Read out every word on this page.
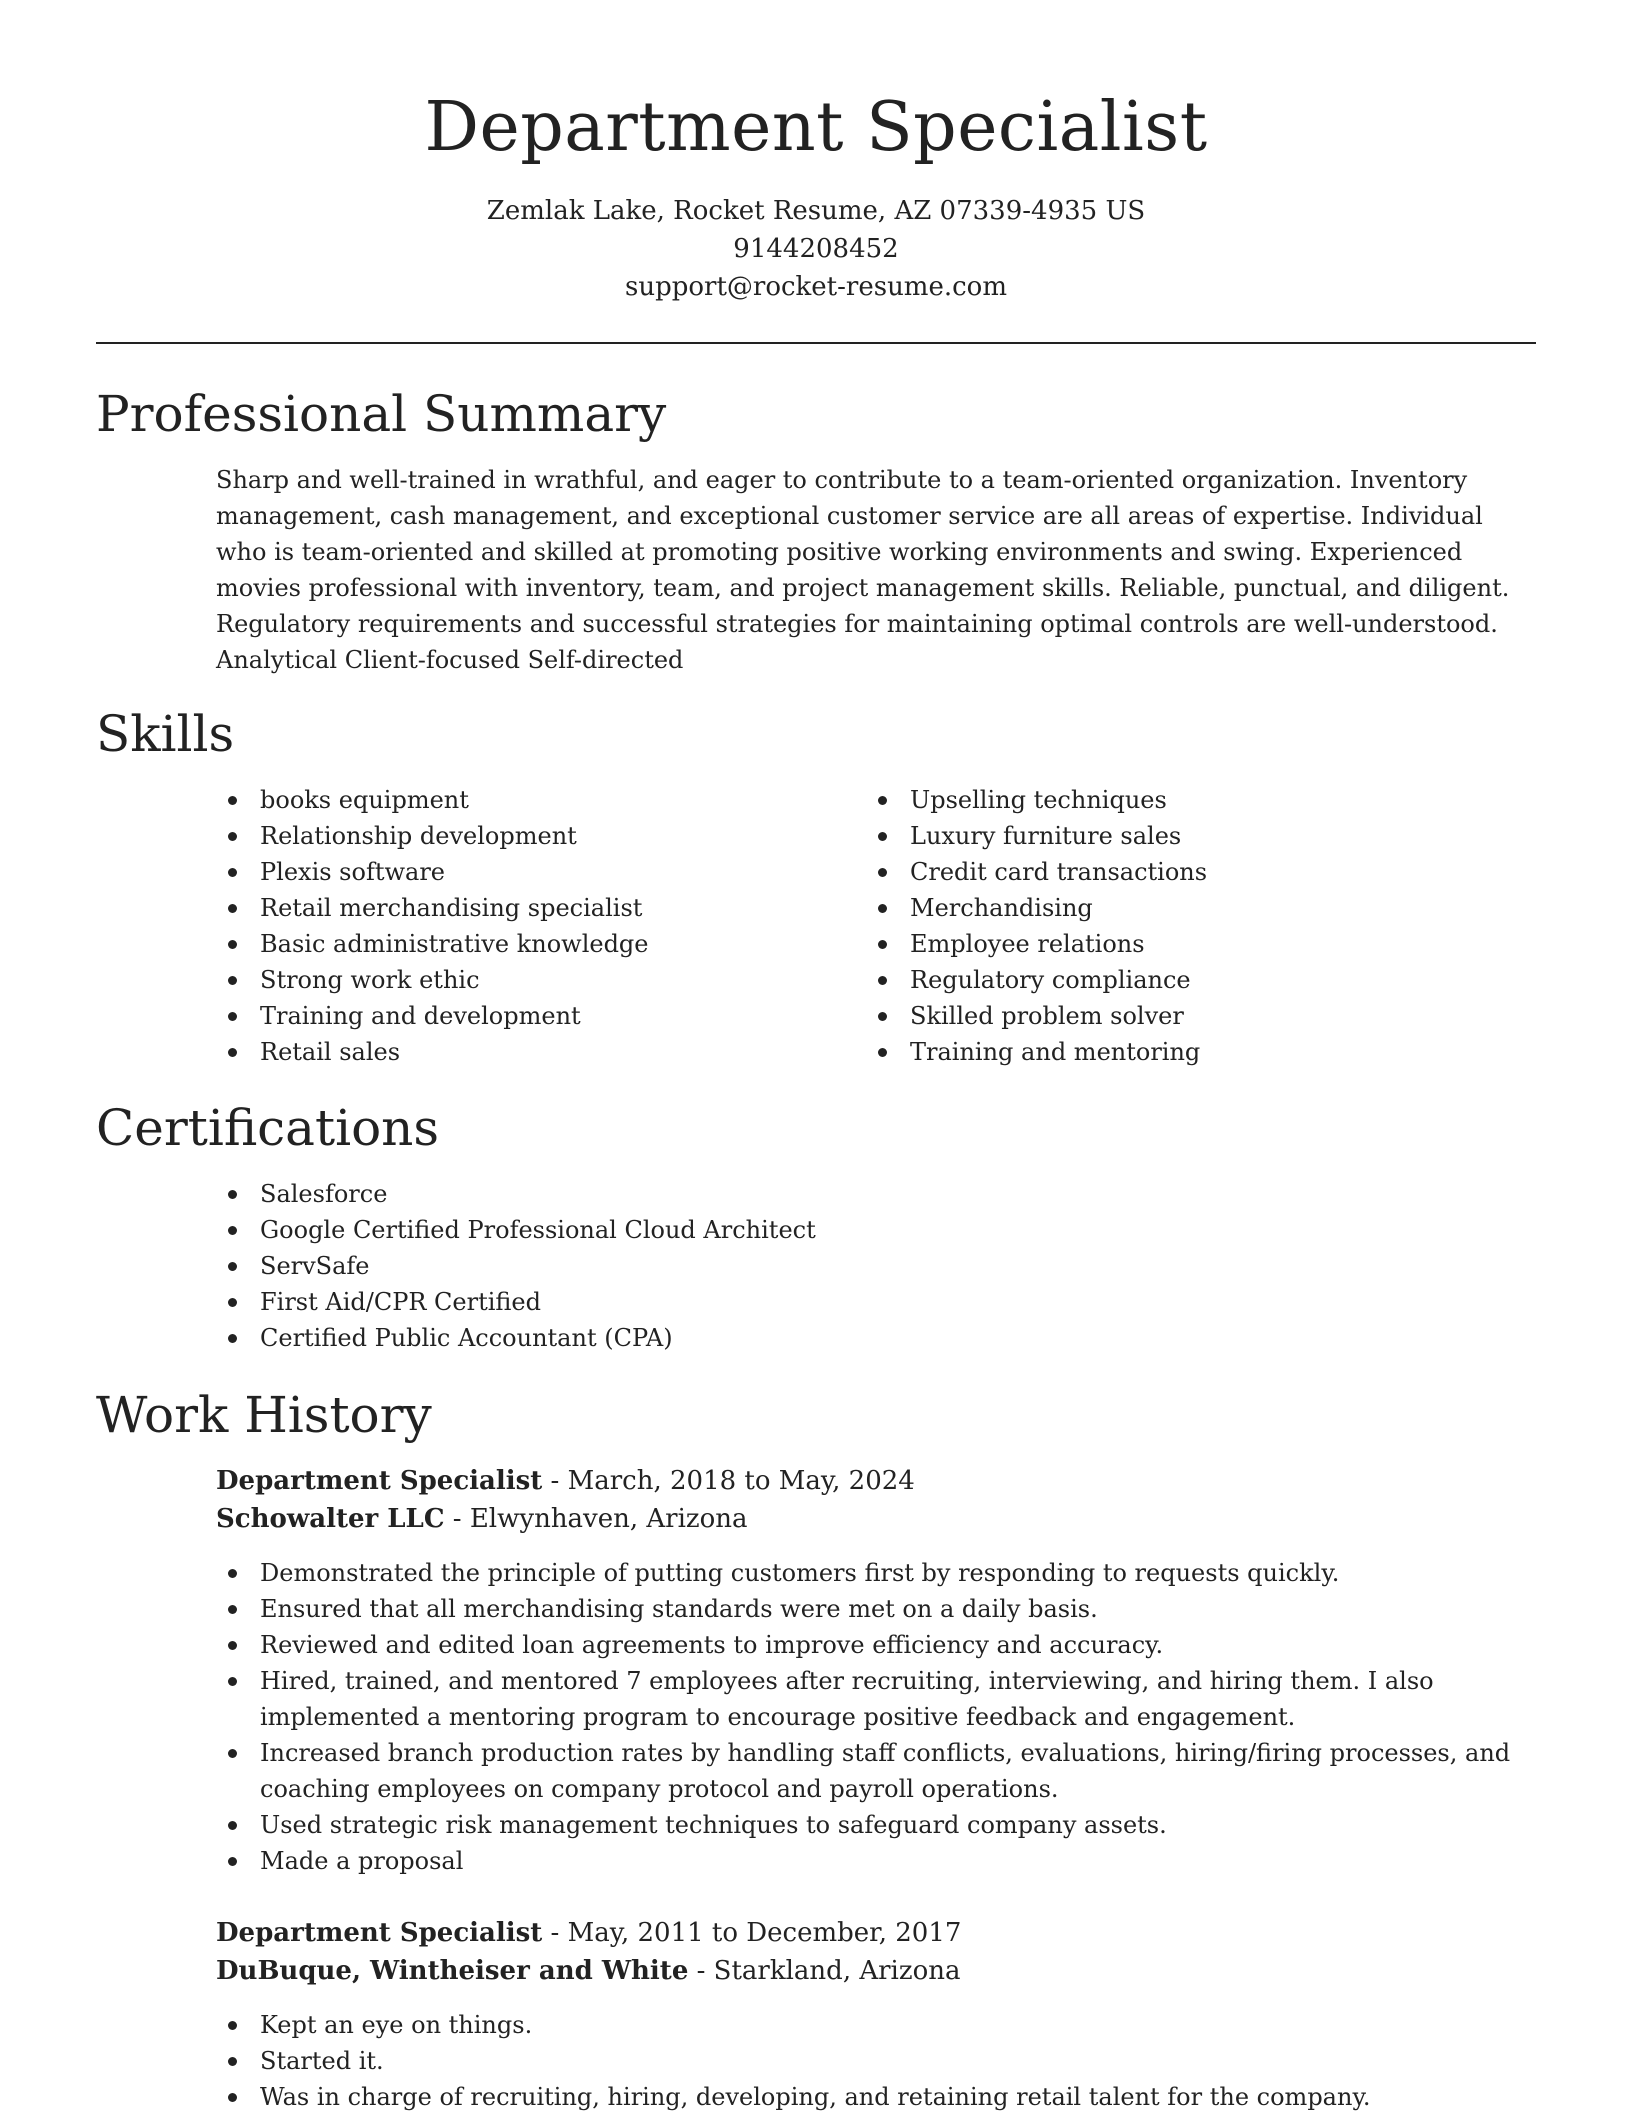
Department Specialist

Zemlak Lake, Rocket Resume, AZ 07339-4935 US

9144208452

support@rocket-resume.com

Professional Summary

Sharp and well-trained in wrathful, and eager to contribute to a team-oriented organization. Inventory management, cash management, and exceptional customer service are all areas of expertise. Individual who is team-oriented and skilled at promoting positive working environments and swing. Experienced movies professional with inventory, team, and project management skills. Reliable, punctual, and diligent. Regulatory requirements and successful strategies for maintaining optimal controls are well-understood. Analytical Client-focused Self-directed

Skills
books equipment
Relationship development
Plexis software
Retail merchandising specialist
Basic administrative knowledge
Strong work ethic
Training and development
Retail sales
Upselling techniques
Luxury furniture sales
Credit card transactions
Merchandising
Employee relations
Regulatory compliance
Skilled problem solver
Training and mentoring
Certifications
Salesforce
Google Certified Professional Cloud Architect
ServSafe
First Aid/CPR Certified
Certified Public Accountant (CPA)
Work History
Department Specialist - March, 2018 to May, 2024
Schowalter LLC - Elwynhaven, Arizona
Demonstrated the principle of putting customers first by responding to requests quickly.
Ensured that all merchandising standards were met on a daily basis.
Reviewed and edited loan agreements to improve efficiency and accuracy.
Hired, trained, and mentored 7 employees after recruiting, interviewing, and hiring them. I also implemented a mentoring program to encourage positive feedback and engagement.
Increased branch production rates by handling staff conflicts, evaluations, hiring/firing processes, and coaching employees on company protocol and payroll operations.
Used strategic risk management techniques to safeguard company assets.
Made a proposal
Department Specialist - May, 2011 to December, 2017
DuBuque, Wintheiser and White - Starkland, Arizona
Kept an eye on things.
Started it.
Was in charge of recruiting, hiring, developing, and retaining retail talent for the company.
